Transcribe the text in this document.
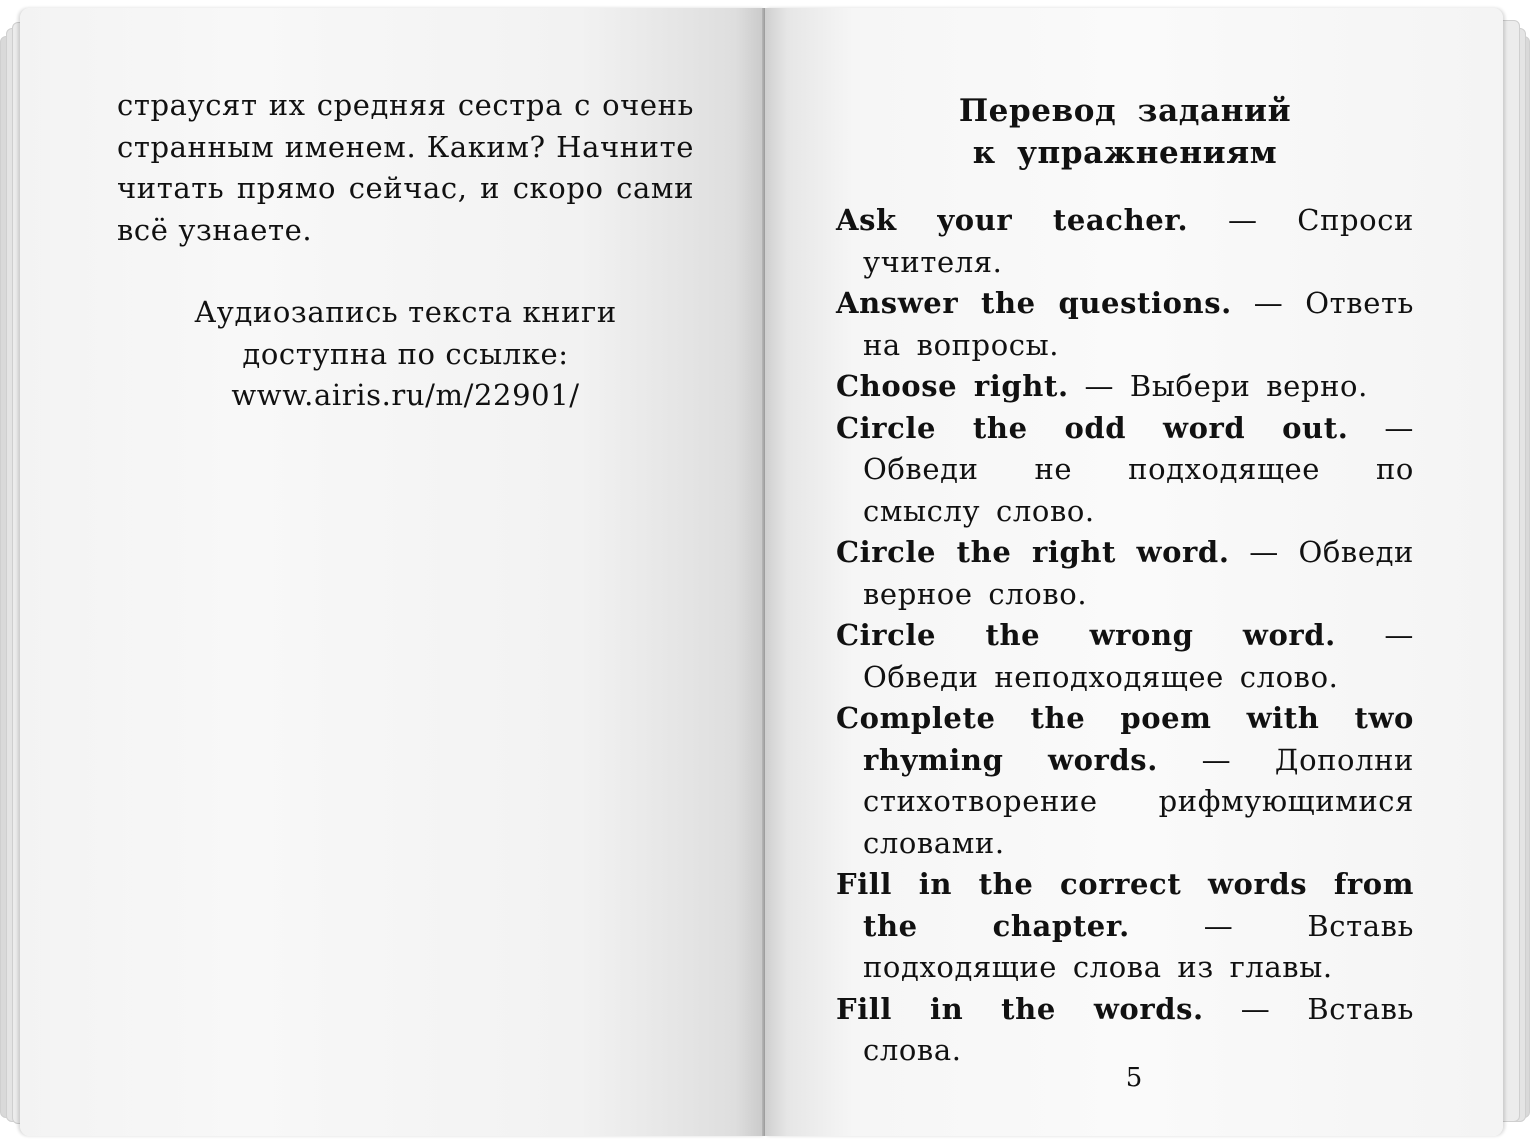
страусят их средняя сестра с очень странным именем. Каким? Начните читать прямо сейчас, и скоро сами всё узнаете.

Аудиозапись текста книги
доступна по ссылке:
www.airis.ru/m/22901/
Перевод заданий
к упражнениям

Ask your teacher. — Спроси учителя.

Answer the questions. — Ответь на вопросы.

Choose right. — Выбери верно.

Circle the odd word out. — Обведи не подходящее по смыслу слово.

Circle the right word. — Обведи верное слово.

Circle the wrong word. — Обведи неподходящее слово.

Complete the poem with two rhyming words. — Дополни стихотворение рифмующимися словами.

Fill in the correct words from the chapter.	— Вставь подходящие слова из главы.

Fill in the words. — Вставь слова.

5
